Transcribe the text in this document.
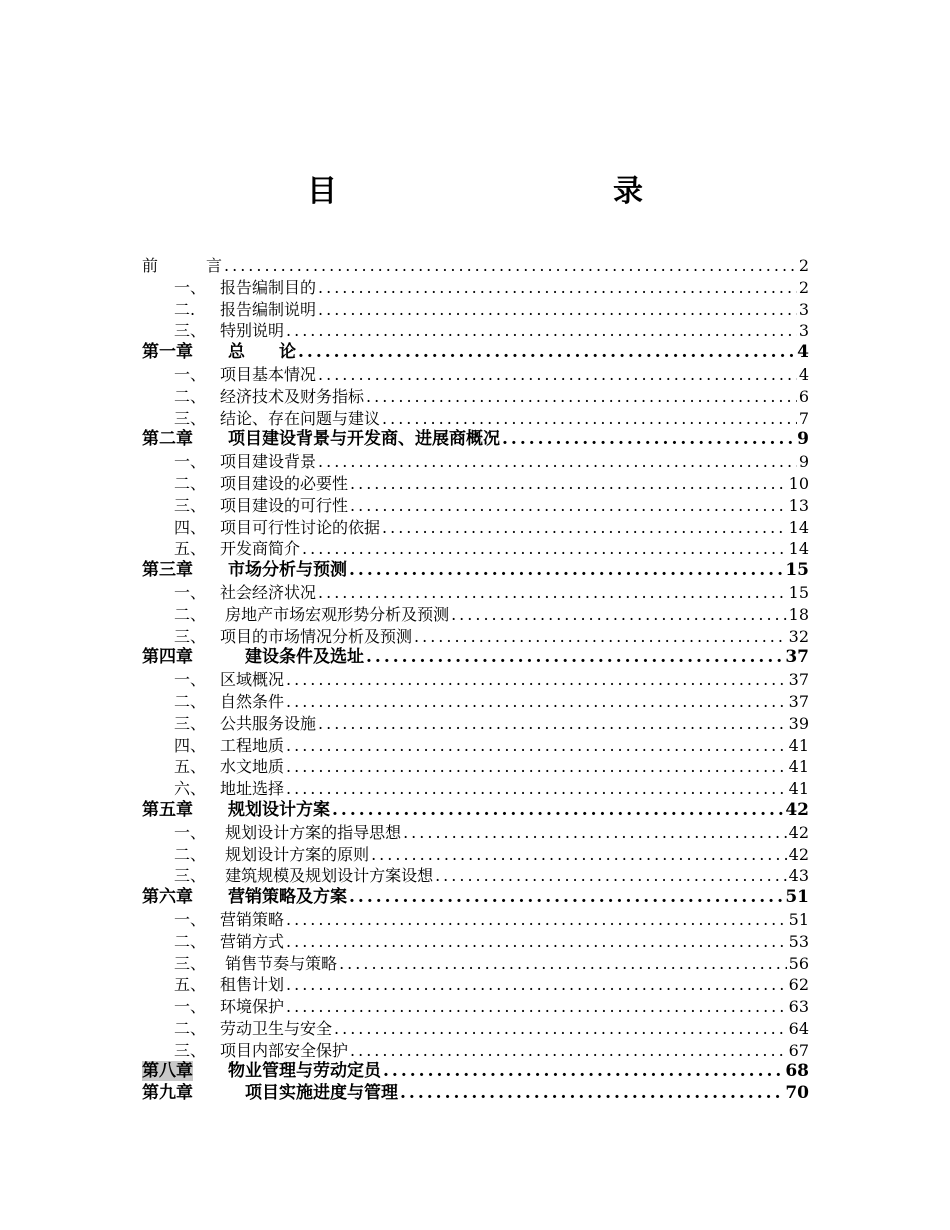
目　　录
前　　　言 .....	2
一、 报告编制目的 .....	2
二. 报告编制说明 .....	3
三、 特别说明 .....	3
第一章 总　　论 .....	4
一、 项目基本情况 .....	4
二、 经济技术及财务指标 .....	6
三、 结论、存在问题与建议 .....	7
第二章 项目建设背景与开发商、进展商概况 .....	9
一、 项目建设背景 .....	9
二、 项目建设的必要性 .....	10
三、 项目建设的可行性 .....	13
四、 项目可行性讨论的依据 .....	14
五、 开发商简介 .....	14
第三章 市场分析与预测 .....	15
一、 社会经济状况 .....	15
二、 房地产市场宏观形势分析及预测 .....	18
三、 项目的市场情况分析及预测 .....	32
第四章　建设条件及选址 .....	37
一、 区域概况 .....	37
二、 自然条件 .....	37
三、 公共服务设施 .....	39
四、 工程地质 .....	41
五、 水文地质 .....	41
六、 地址选择 .....	41
第五章 规划设计方案 .....	42
一、 规划设计方案的指导思想 .....	42
二、 规划设计方案的原则 .....	42
三、 建筑规模及规划设计方案设想 .....	43
第六章 营销策略及方案 .....	51
一、 营销策略 .....	51
二、 营销方式 .....	53
三、 销售节奏与策略 .....	56
五、 租售计划 .....	62
一、 环境保护 .....	63
二、 劳动卫生与安全 .....	64
三、 项目内部安全保护 .....	67
第八章 物业管理与劳动定员 .....	68
第九章　项目实施进度与管理 .....	70
